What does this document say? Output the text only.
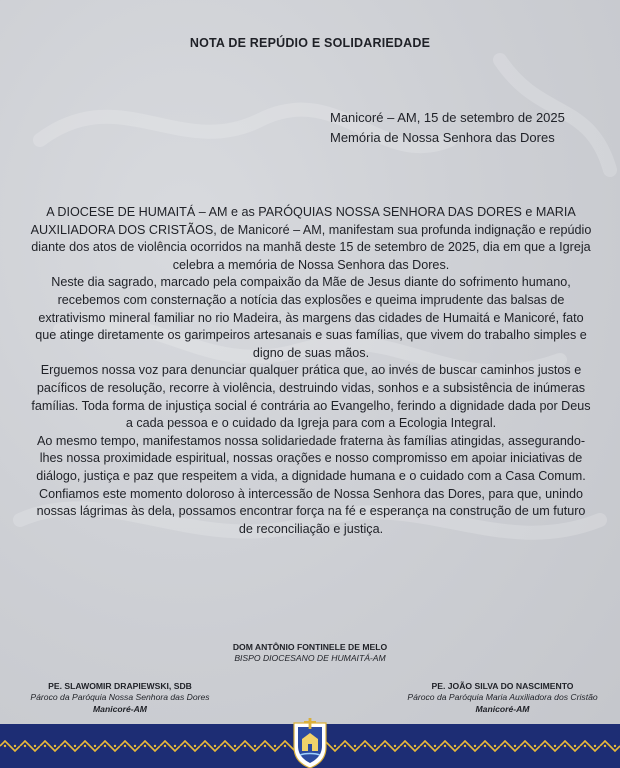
NOTA DE REPÚDIO E SOLIDARIEDADE
Manicoré – AM, 15 de setembro de 2025
Memória de Nossa Senhora das Dores

A DIOCESE DE HUMAITÁ – AM e as PARÓQUIAS NOSSA SENHORA DAS DORES e MARIA AUXILIADORA DOS CRISTÃOS, de Manicoré – AM, manifestam sua profunda indignação e repúdio diante dos atos de violência ocorridos na manhã deste 15 de setembro de 2025, dia em que a Igreja celebra a memória de Nossa Senhora das Dores.

Neste dia sagrado, marcado pela compaixão da Mãe de Jesus diante do sofrimento humano, recebemos com consternação a notícia das explosões e queima imprudente das balsas de extrativismo mineral familiar no rio Madeira, às margens das cidades de Humaitá e Manicoré, fato que atinge diretamente os garimpeiros artesanais e suas famílias, que vivem do trabalho simples e digno de suas mãos.

Erguemos nossa voz para denunciar qualquer prática que, ao invés de buscar caminhos justos e pacíficos de resolução, recorre à violência, destruindo vidas, sonhos e a subsistência de inúmeras famílias. Toda forma de injustiça social é contrária ao Evangelho, ferindo a dignidade dada por Deus a cada pessoa e o cuidado da Igreja para com a Ecologia Integral.

Ao mesmo tempo, manifestamos nossa solidariedade fraterna às famílias atingidas, assegurando-lhes nossa proximidade espiritual, nossas orações e nosso compromisso em apoiar iniciativas de diálogo, justiça e paz que respeitem a vida, a dignidade humana e o cuidado com a Casa Comum.

Confiamos este momento doloroso à intercessão de Nossa Senhora das Dores, para que, unindo nossas lágrimas às dela, possamos encontrar força na fé e esperança na construção de um futuro de reconciliação e justiça.

DOM ANTÔNIO FONTINELE DE MELO
BISPO DIOCESANO DE HUMAITÁ-AM
PE. SLAWOMIR DRAPIEWSKI, SDB
Pároco da Paróquia Nossa Senhora das Dores
Manicoré-AM
PE. JOÃO SILVA DO NASCIMENTO
Pároco da Paróquia Maria Auxiliadora dos Cristão
Manicoré-AM
